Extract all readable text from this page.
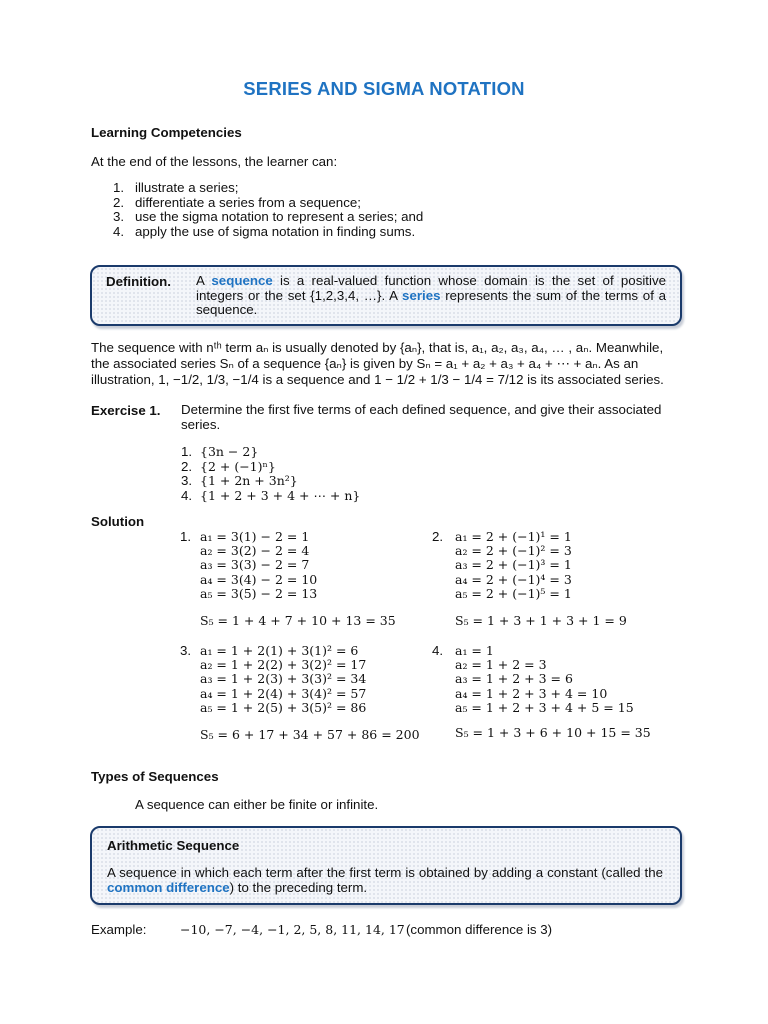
SERIES AND SIGMA NOTATION
Learning Competencies
At the end of the lessons, the learner can:
1. illustrate a series;
2. differentiate a series from a sequence;
3. use the sigma notation to represent a series; and
4. apply the use of sigma notation in finding sums.
Definition. A sequence is a real-valued function whose domain is the set of positive integers or the set {1,2,3,4, …}. A series represents the sum of the terms of a sequence.
The sequence with nᵗʰ term aₙ is usually denoted by {aₙ}, that is, a₁, a₂, a₃, a₄, … , aₙ. Meanwhile,
the associated series Sₙ of a sequence {aₙ} is given by Sₙ = a₁ + a₂ + a₃ + a₄ + ⋯ + aₙ. As an
illustration, 1, −1/2, 1/3, −1/4 is a sequence and 1 − 1/2 + 1/3 − 1/4 = 7/12 is its associated series.
Exercise 1. Determine the first five terms of each defined sequence, and give their associated series.
1. {3n − 2}
2. {2 + (−1)ⁿ}
3. {1 + 2n + 3n²}
4. {1 + 2 + 3 + 4 + ⋯ + n}
Solution
1. a₁ = 3(1) − 2 = 1
a₂ = 3(2) − 2 = 4
a₃ = 3(3) − 2 = 7
a₄ = 3(4) − 2 = 10
a₅ = 3(5) − 2 = 13
S₅ = 1 + 4 + 7 + 10 + 13 = 35
2. a₁ = 2 + (−1)¹ = 1
a₂ = 2 + (−1)² = 3
a₃ = 2 + (−1)³ = 1
a₄ = 2 + (−1)⁴ = 3
a₅ = 2 + (−1)⁵ = 1
S₅ = 1 + 3 + 1 + 3 + 1 = 9
3. a₁ = 1 + 2(1) + 3(1)² = 6
a₂ = 1 + 2(2) + 3(2)² = 17
a₃ = 1 + 2(3) + 3(3)² = 34
a₄ = 1 + 2(4) + 3(4)² = 57
a₅ = 1 + 2(5) + 3(5)² = 86
S₅ = 6 + 17 + 34 + 57 + 86 = 200
4. a₁ = 1
a₂ = 1 + 2 = 3
a₃ = 1 + 2 + 3 = 6
a₄ = 1 + 2 + 3 + 4 = 10
a₅ = 1 + 2 + 3 + 4 + 5 = 15
S₅ = 1 + 3 + 6 + 10 + 15 = 35
Types of Sequences
A sequence can either be finite or infinite.
Arithmetic Sequence
A sequence in which each term after the first term is obtained by adding a constant (called the common difference) to the preceding term.
Example:	−10, −7, −4, −1, 2, 5, 8, 11, 14, 17 (common difference is 3)
